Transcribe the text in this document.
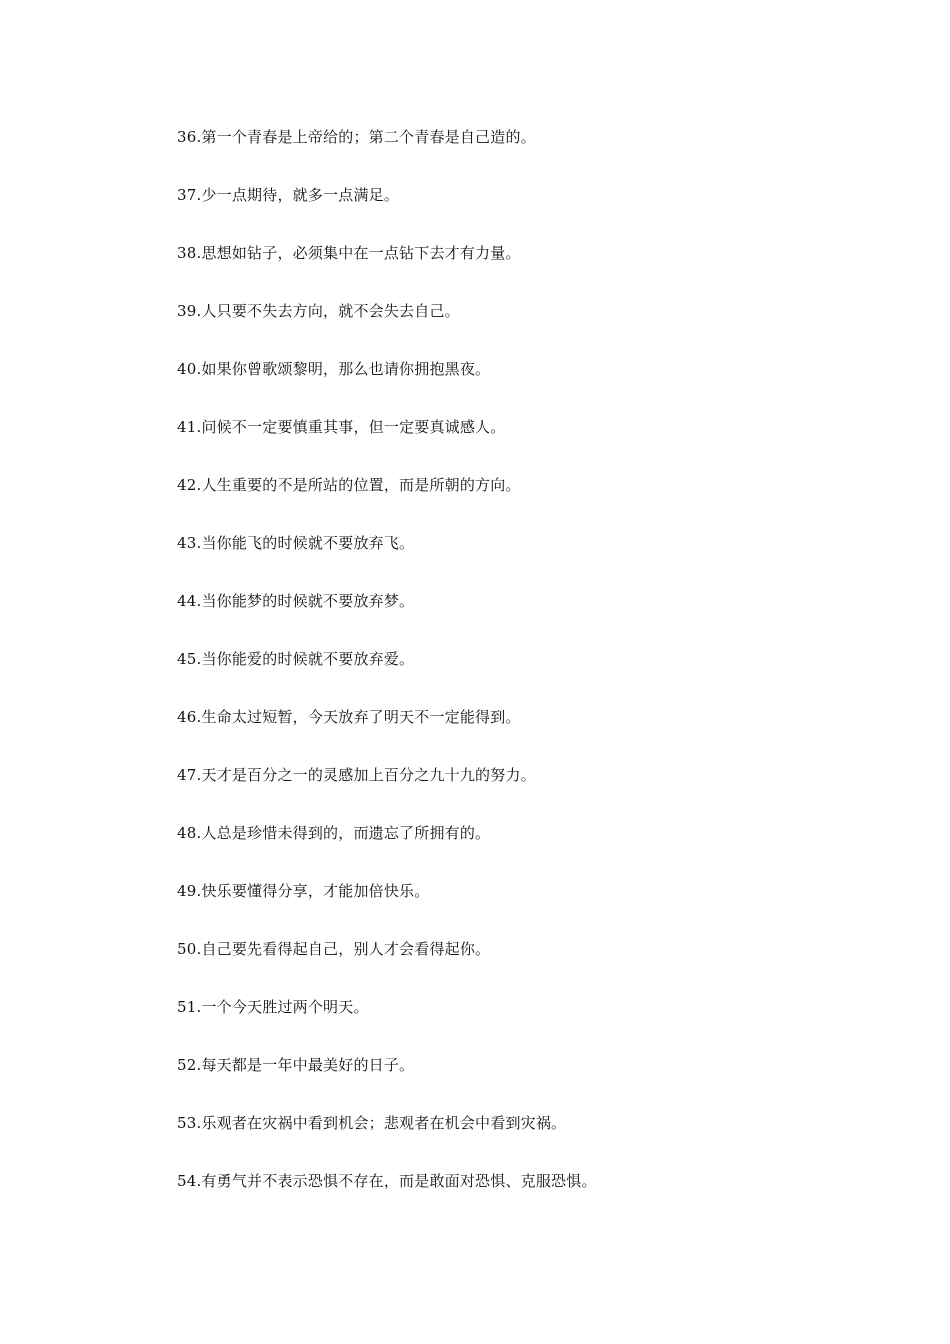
36.第一个青春是上帝给的；第二个青春是自己造的。
37.少一点期待，就多一点满足。
38.思想如钻子，必须集中在一点钻下去才有力量。
39.人只要不失去方向，就不会失去自己。
40.如果你曾歌颂黎明，那么也请你拥抱黑夜。
41.问候不一定要慎重其事，但一定要真诚感人。
42.人生重要的不是所站的位置，而是所朝的方向。
43.当你能飞的时候就不要放弃飞。
44.当你能梦的时候就不要放弃梦。
45.当你能爱的时候就不要放弃爱。
46.生命太过短暂，今天放弃了明天不一定能得到。
47.天才是百分之一的灵感加上百分之九十九的努力。
48.人总是珍惜未得到的，而遗忘了所拥有的。
49.快乐要懂得分享，才能加倍快乐。
50.自己要先看得起自己，别人才会看得起你。
51.一个今天胜过两个明天。
52.每天都是一年中最美好的日子。
53.乐观者在灾祸中看到机会；悲观者在机会中看到灾祸。
54.有勇气并不表示恐惧不存在，而是敢面对恐惧、克服恐惧。
